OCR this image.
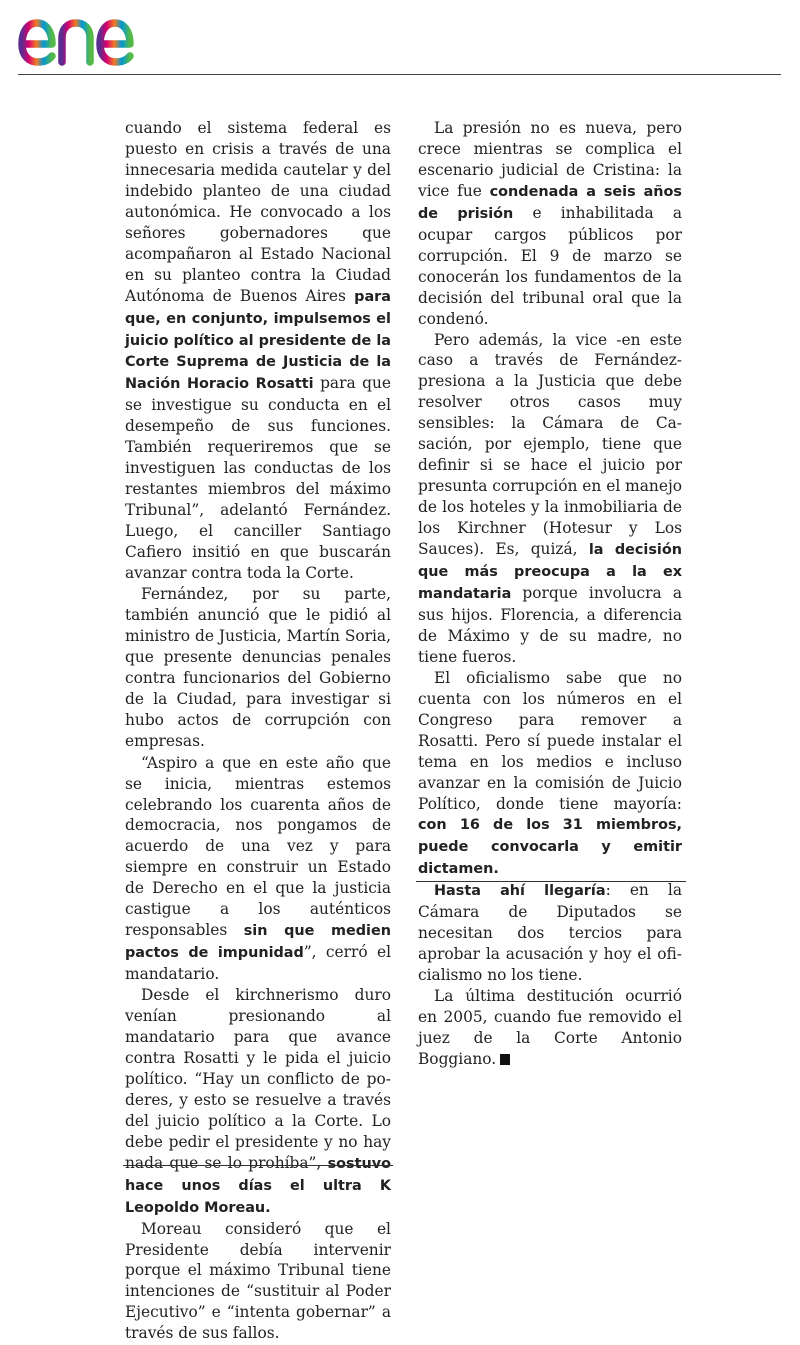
enel

cuando el sistema federal es puesto en crisis a través de una innecesaria medida cautelar y del indebido planteo de una ciudad autonómica. He convocado a los señores gobernadores que acompañaron al Estado Nacional en su planteo contra la Ciudad Autónoma de Buenos Aires para que, en conjunto, impulsemos el juicio político al presidente de la Corte Suprema de Justicia de la Nación Horacio Rosatti para que se investigue su conducta en el desempeño de sus funciones. También requeriremos que se investiguen las conductas de los restantes miembros del máximo Tribunal”, adelantó Fernández. Luego, el canciller Santiago Cafiero insitió en que buscarán avanzar contra toda la Corte.

Fernández, por su parte, también anunció que le pidió al ministro de Justicia, Martín Soria, que presente denuncias penales contra funcionarios del Gobierno de la Ciudad, para investigar si hubo actos de corrupción con empresas.

“Aspiro a que en este año que se inicia, mientras estemos celebrando los cuarenta años de democracia, nos pongamos de acuerdo de una vez y para siempre en construir un Estado de Derecho en el que la justicia castigue a los auténticos responsables sin que medien pactos de impunidad”, cerró el mandatario.

Desde el kirchnerismo duro venían presionando al mandatario para que avance contra Rosatti y le pida el juicio político. “Hay un conflicto de poderes, y esto se resuelve a través del juicio político a la Corte. Lo debe pedir el presidente y no hay nada que se lo prohíba”, sostuvo hace unos días el ultra K Leopoldo Moreau.

Moreau consideró que el Presidente debía intervenir porque el máximo Tribunal tiene intenciones de “sustituir al Poder Ejecutivo” e “intenta gobernar” a través de sus fallos.

La presión no es nueva, pero crece mientras se complica el escenario judicial de Cristina: la vice fue condenada a seis años de prisión e inhabilitada a ocupar cargos públicos por corrupción. El 9 de marzo se conocerán los fundamentos de la decisión del tribunal oral que la condenó.

Pero además, la vice -en este caso a través de Fernández- presiona a la Justicia que debe resolver otros casos muy sensibles: la Cámara de Casación, por ejemplo, tiene que definir si se hace el juicio por presunta corrupción en el manejo de los hoteles y la inmobiliaria de los Kirchner (Hotesur y Los Sauces). Es, quizá, la decisión que más preocupa a la ex mandataria porque involucra a sus hijos. Florencia, a diferencia de Máximo y de su madre, no tiene fueros.

El oficialismo sabe que no cuenta con los números en el Congreso para remover a Rosatti. Pero sí puede instalar el tema en los medios e incluso avanzar en la comisión de Juicio Político, donde tiene mayoría: con 16 de los 31 miembros, puede convocarla y emitir dictamen.

Hasta ahí llegaría: en la Cámara de Diputados se necesitan dos tercios para aprobar la acusación y hoy el oficialismo no los tiene.

La última destitución ocurrió en 2005, cuando fue removido el juez de la Corte Antonio Boggiano.
